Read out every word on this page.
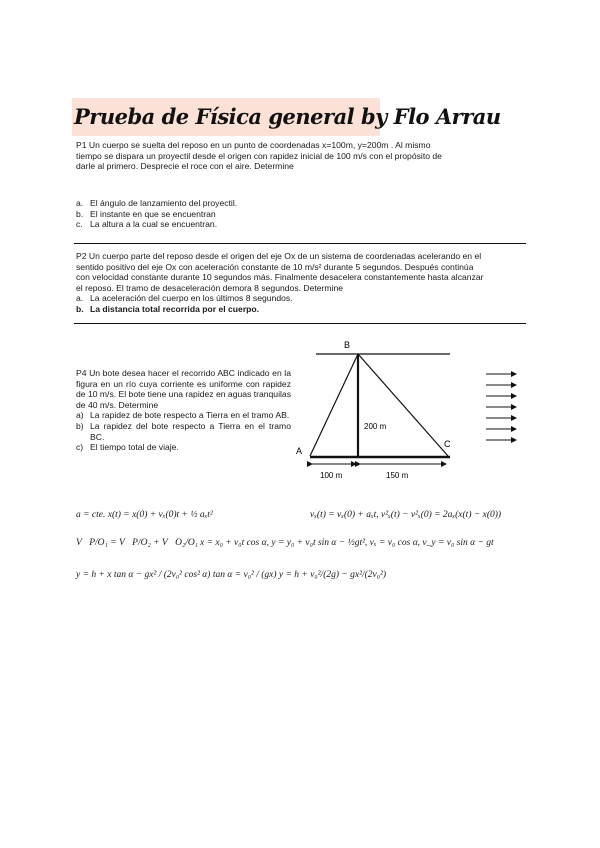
Prueba de Física general by Flo Arrau
P1 Un cuerpo se suelta del reposo en un punto de coordenadas x=100m, y=200m . Al mismo
tiempo se dispara un proyectil desde el origen con rapidez inicial de 100 m/s con el propósito de
darle al primero. Desprecie el roce con el aire. Determine
a. El ángulo de lanzamiento del proyectil.
b. El instante en que se encuentran
c. La altura a la cual se encuentran.
P2 Un cuerpo parte del reposo desde el origen del eje Ox de un sistema de coordenadas acelerando en el
sentido positivo del eje Ox con aceleración constante de 10 m/s² durante 5 segundos. Después continúa
con velocidad constante durante 10 segundos más. Finalmente desacelera constantemente hasta alcanzar
el reposo. El tramo de desaceleración demora 8 segundos. Determine
a. La aceleración del cuerpo en los últimos 8 segundos.
b. La distancia total recorrida por el cuerpo.
P4 Un bote desea hacer el recorrido ABC indicado en la figura en un río cuya corriente es uniforme con rapidez de 10 m/s. El bote tiene una rapidez en aguas tranquilas de 40 m/s. Determine
a) La rapidez de bote respecto a Tierra en el tramo AB.
b) La rapidez del bote respecto a Tierra en el tramo BC.
c) El tiempo total de viaje.
B
A
C
200 m
100 m	150 m
a = cte. x(t) = x(0) + vₓ(0)t + ½ aₓt²	vₓ(t) = vₓ(0) + aₓt, v²ₓ(t) − v²ₓ(0) = 2aₓ(x(t) − x(0))
V⃗P/O₁ = V⃗P/O₂ + V⃗O₂/O₁ x = x₀ + v₀t cos α, y = y₀ + v₀t sin α − ½gt², vₓ = v₀ cos α, v_y = v₀ sin α − gt
y = h + x tan α − gx² / (2v₀² cos² α) tan α = v₀² / (gx) y = h + v₀²/(2g) − gx²/(2v₀²)
